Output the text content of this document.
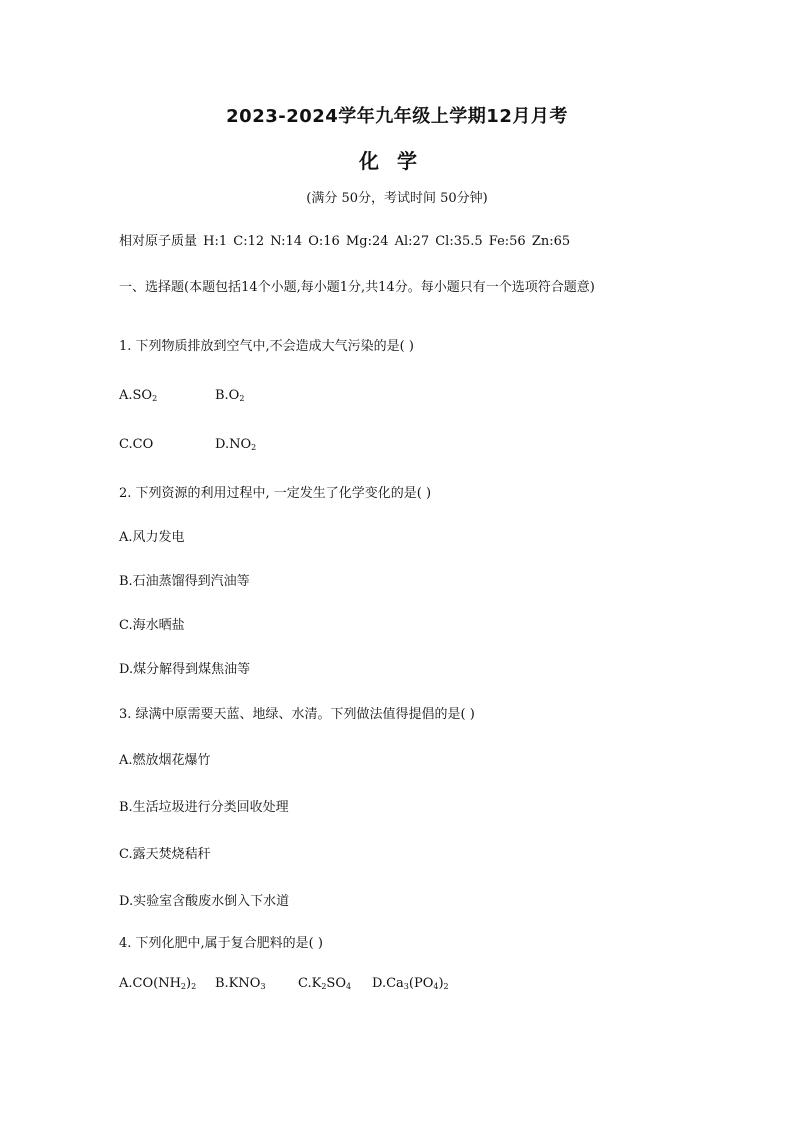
2023-2024学年九年级上学期12月月考
化学
(满分 50分，考试时间 50分钟)
相对原子质量 H:1 C:12 N:14 O:16 Mg:24 Al:27 Cl:35.5 Fe:56 Zn:65
一、选择题(本题包括14个小题,每小题1分,共14分。每小题只有一个选项符合题意)
1. 下列物质排放到空气中,不会造成大气污染的是( )
$A.SO_2$	$B.O_2$
C.CO	$D.NO_2$
2. 下列资源的利用过程中, 一定发生了化学变化的是( )
A.风力发电
B.石油蒸馏得到汽油等
C.海水晒盐
D.煤分解得到煤焦油等
3. 绿满中原需要天蓝、地绿、水清。下列做法值得提倡的是( )
A.燃放烟花爆竹
B.生活垃圾进行分类回收处理
C.露天焚烧秸秆
D.实验室含酸废水倒入下水道
4. 下列化肥中,属于复合肥料的是( )
$A.CO(NH_2)_2$ $B.KNO_3$ $C.K_2SO_4$ $D.Ca_3(PO_4)_2$
